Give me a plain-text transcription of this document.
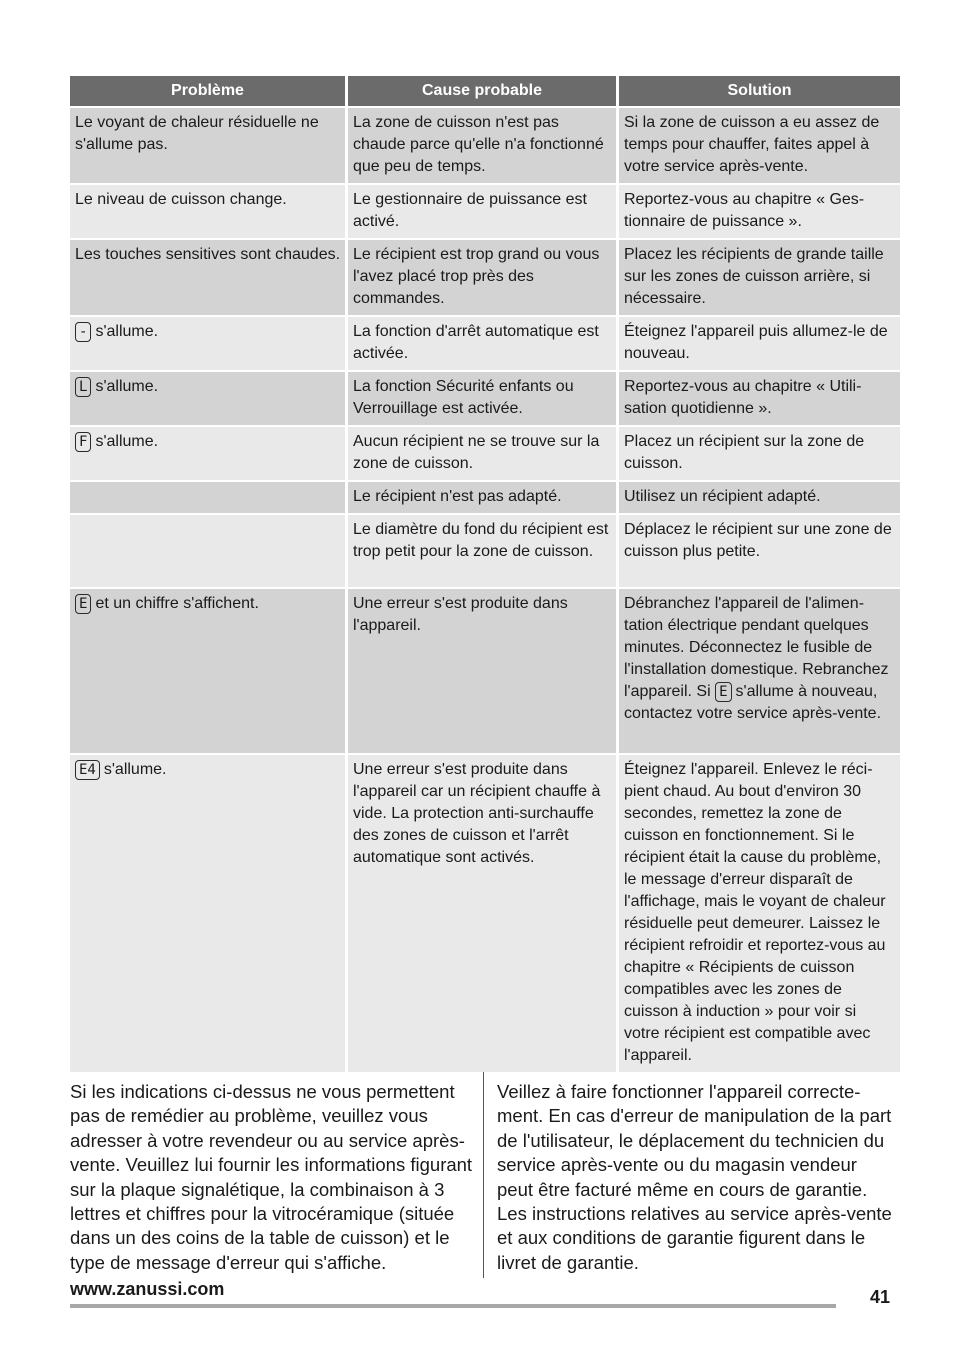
Problème	Cause probable	Solution
Le voyant de chaleur résiduelle ne s'allume pas.	La zone de cuisson n'est pas chaude parce qu'elle n'a fonctionné que peu de temps.	Si la zone de cuisson a eu assez de temps pour chauffer, faites appel à votre service après-vente.
Le niveau de cuisson change.	Le gestionnaire de puissance est activé.	Reportez-vous au chapitre « Gestionnaire de puissance ».
Les touches sensitives sont chaudes.	Le récipient est trop grand ou vous l'avez placé trop près des commandes.	Placez les récipients de grande taille sur les zones de cuisson arrière, si nécessaire.
- s'allume.	La fonction d'arrêt automatique est activée.	Éteignez l'appareil puis allumez-le de nouveau.
L s'allume.	La fonction Sécurité enfants ou Verrouillage est activée.	Reportez-vous au chapitre « Utilisation quotidienne ».
F s'allume.	Aucun récipient ne se trouve sur la zone de cuisson.	Placez un récipient sur la zone de cuisson.
	Le récipient n'est pas adapté.	Utilisez un récipient adapté.
	Le diamètre du fond du récipient est trop petit pour la zone de cuisson.	Déplacez le récipient sur une zone de cuisson plus petite.
E et un chiffre s'affichent.	Une erreur s'est produite dans l'appareil.	Débranchez l'appareil de l'alimentation électrique pendant quelques minutes. Déconnectez le fusible de l'installation domestique. Rebranchez l'appareil. Si E s'allume à nouveau, contactez votre service après-vente.
E4 s'allume.	Une erreur s'est produite dans l'appareil car un récipient chauffe à vide. La protection anti-surchauffe des zones de cuisson et l'arrêt automatique sont activés.	Éteignez l'appareil. Enlevez le récipient chaud. Au bout d'environ 30 secondes, remettez la zone de cuisson en fonctionnement. Si le récipient était la cause du problème, le message d'erreur disparaît de l'affichage, mais le voyant de chaleur résiduelle peut demeurer. Laissez le récipient refroidir et reportez-vous au chapitre « Récipients de cuisson compatibles avec les zones de cuisson à induction » pour voir si votre récipient est compatible avec l'appareil.
Si les indications ci-dessus ne vous permettent pas de remédier au problème, veuillez vous adresser à votre revendeur ou au service après-vente. Veuillez lui fournir les informations figurant sur la plaque signalétique, la combinaison à 3 lettres et chiffres pour la vitrocéramique (située dans un des coins de la table de cuisson) et le type de message d'erreur qui s'affiche.
Veillez à faire fonctionner l'appareil correctement. En cas d'erreur de manipulation de la part de l'utilisateur, le déplacement du technicien du service après-vente ou du magasin vendeur peut être facturé même en cours de garantie. Les instructions relatives au service après-vente et aux conditions de garantie figurent dans le livret de garantie.
www.zanussi.com	41
